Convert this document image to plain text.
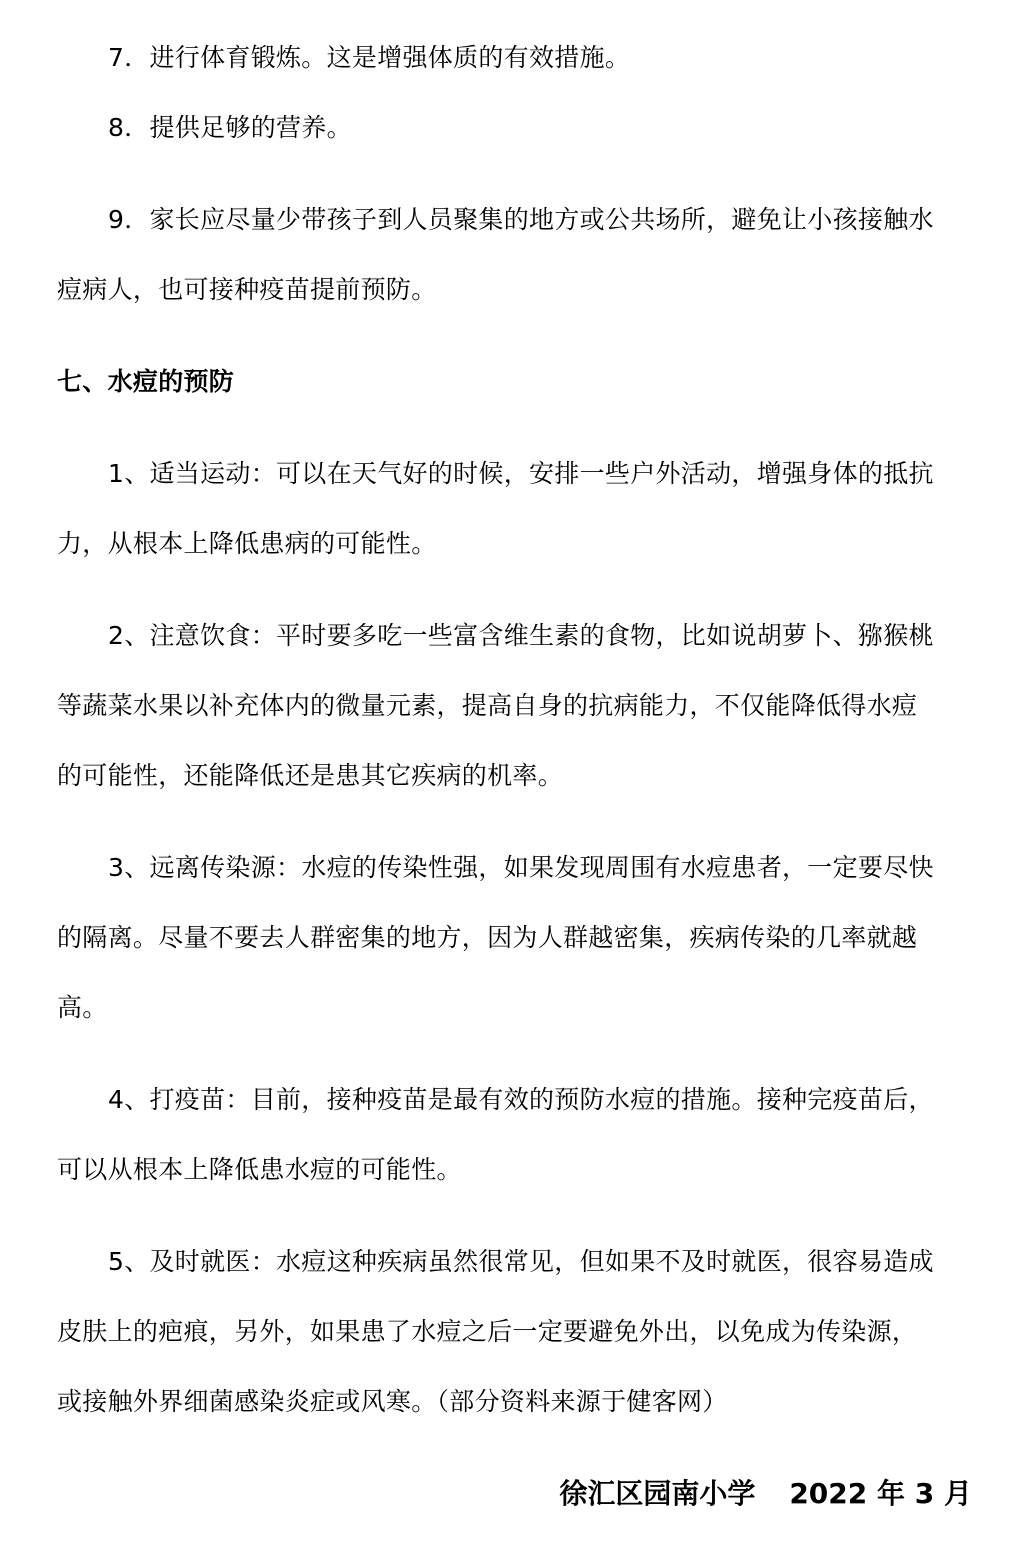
7．进行体育锻炼。这是增强体质的有效措施。
8．提供足够的营养。
9．家长应尽量少带孩子到人员聚集的地方或公共场所，避免让小孩接触水
痘病人，也可接种疫苗提前预防。
七、水痘的预防
1、适当运动：可以在天气好的时候，安排一些户外活动，增强身体的抵抗
力，从根本上降低患病的可能性。
2、注意饮食：平时要多吃一些富含维生素的食物，比如说胡萝卜、猕猴桃
等蔬菜水果以补充体内的微量元素，提高自身的抗病能力，不仅能降低得水痘
的可能性，还能降低还是患其它疾病的机率。
3、远离传染源：水痘的传染性强，如果发现周围有水痘患者，一定要尽快
的隔离。尽量不要去人群密集的地方，因为人群越密集，疾病传染的几率就越
高。
4、打疫苗：目前，接种疫苗是最有效的预防水痘的措施。接种完疫苗后，
可以从根本上降低患水痘的可能性。
5、及时就医：水痘这种疾病虽然很常见，但如果不及时就医，很容易造成
皮肤上的疤痕，另外，如果患了水痘之后一定要避免外出，以免成为传染源，
或接触外界细菌感染炎症或风寒。（部分资料来源于健客网）
徐汇区园南小学 2022 年 3 月
